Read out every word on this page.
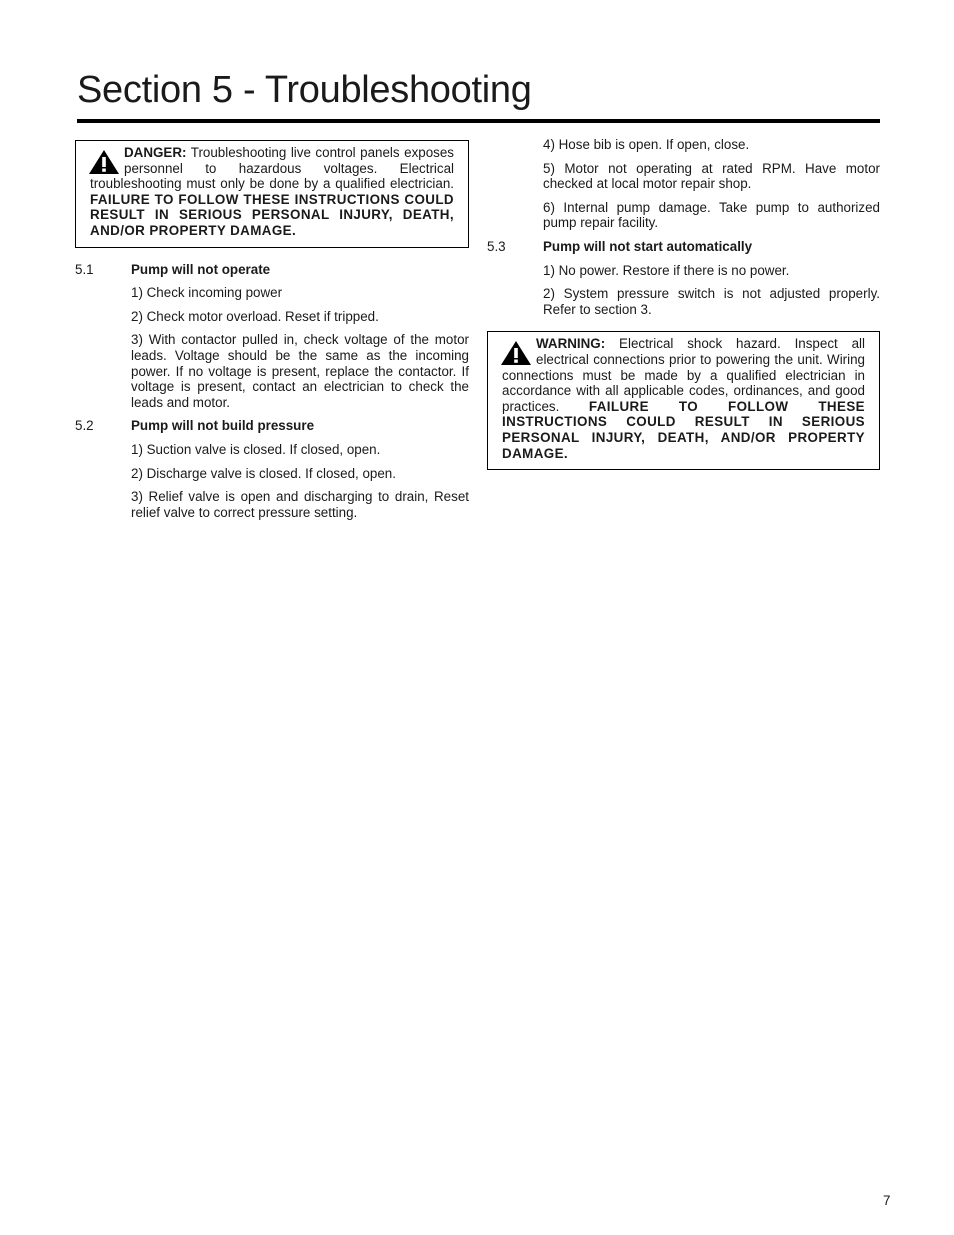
Section 5 - Troubleshooting
DANGER: Troubleshooting live control panels exposes personnel to hazardous voltages. Electrical troubleshooting must only be done by a qualified electrician. FAILURE TO FOLLOW THESE INSTRUCTIONS COULD RESULT IN SERIOUS PERSONAL INJURY, DEATH, AND/OR PROPERTY DAMAGE.
5.1	Pump will not operate
1) Check incoming power
2) Check motor overload. Reset if tripped.
3) With contactor pulled in, check voltage of the motor leads. Voltage should be the same as the incoming power. If no voltage is present, replace the contactor. If voltage is present, contact an electrician to check the leads and motor.
5.2	Pump will not build pressure
1) Suction valve is closed. If closed, open.
2) Discharge valve is closed. If closed, open.
3) Relief valve is open and discharging to drain, Reset relief valve to correct pressure setting.
4) Hose bib is open. If open, close.
5) Motor not operating at rated RPM. Have motor checked at local motor repair shop.
6) Internal pump damage. Take pump to authorized pump repair facility.
5.3	Pump will not start automatically
1) No power. Restore if there is no power.
2) System pressure switch is not adjusted properly. Refer to section 3.
WARNING: Electrical shock hazard. Inspect all electrical connections prior to powering the unit. Wiring connections must be made by a qualified electrician in accordance with all applicable codes, ordinances, and good practices. FAILURE TO FOLLOW THESE INSTRUCTIONS COULD RESULT IN SERIOUS PERSONAL INJURY, DEATH, AND/OR PROPERTY DAMAGE.
7
